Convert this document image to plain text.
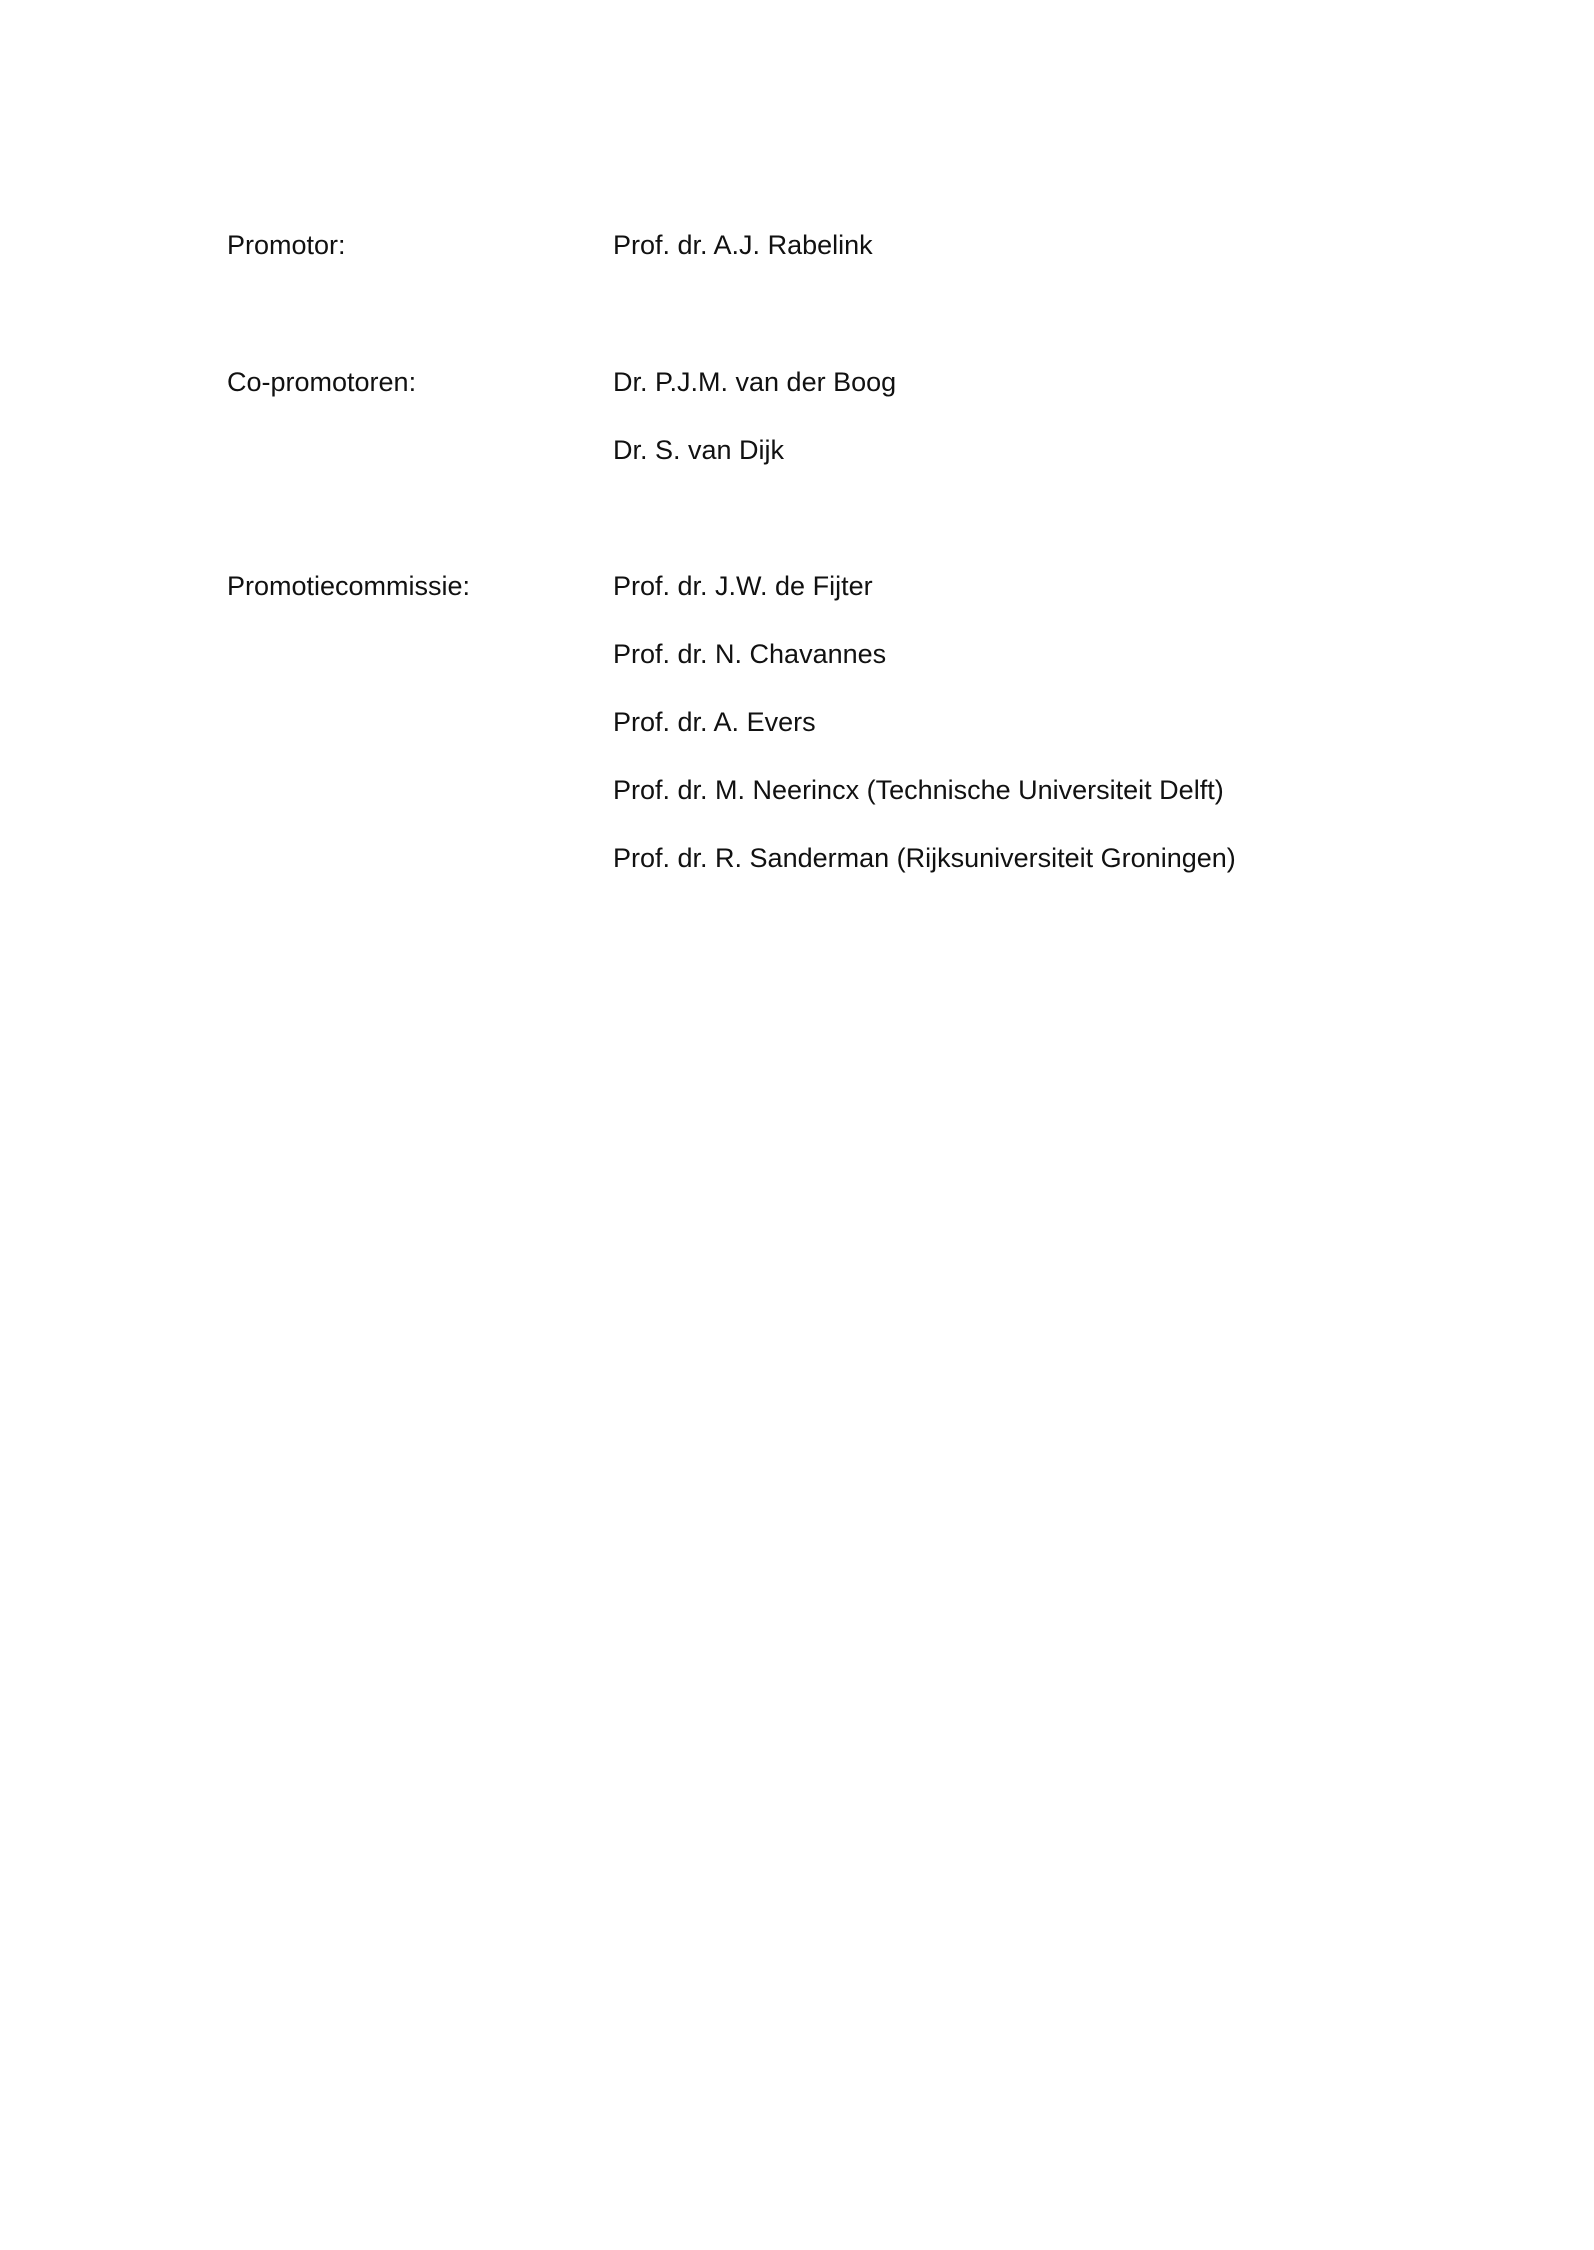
Promotor:	Prof. dr. A.J. Rabelink
Co-promotoren:	Dr. P.J.M. van der Boog
Dr. S. van Dijk
Promotiecommissie:	Prof. dr. J.W. de Fijter
Prof. dr. N. Chavannes
Prof. dr. A. Evers
Prof. dr. M. Neerincx (Technische Universiteit Delft)
Prof. dr. R. Sanderman (Rijksuniversiteit Groningen)
